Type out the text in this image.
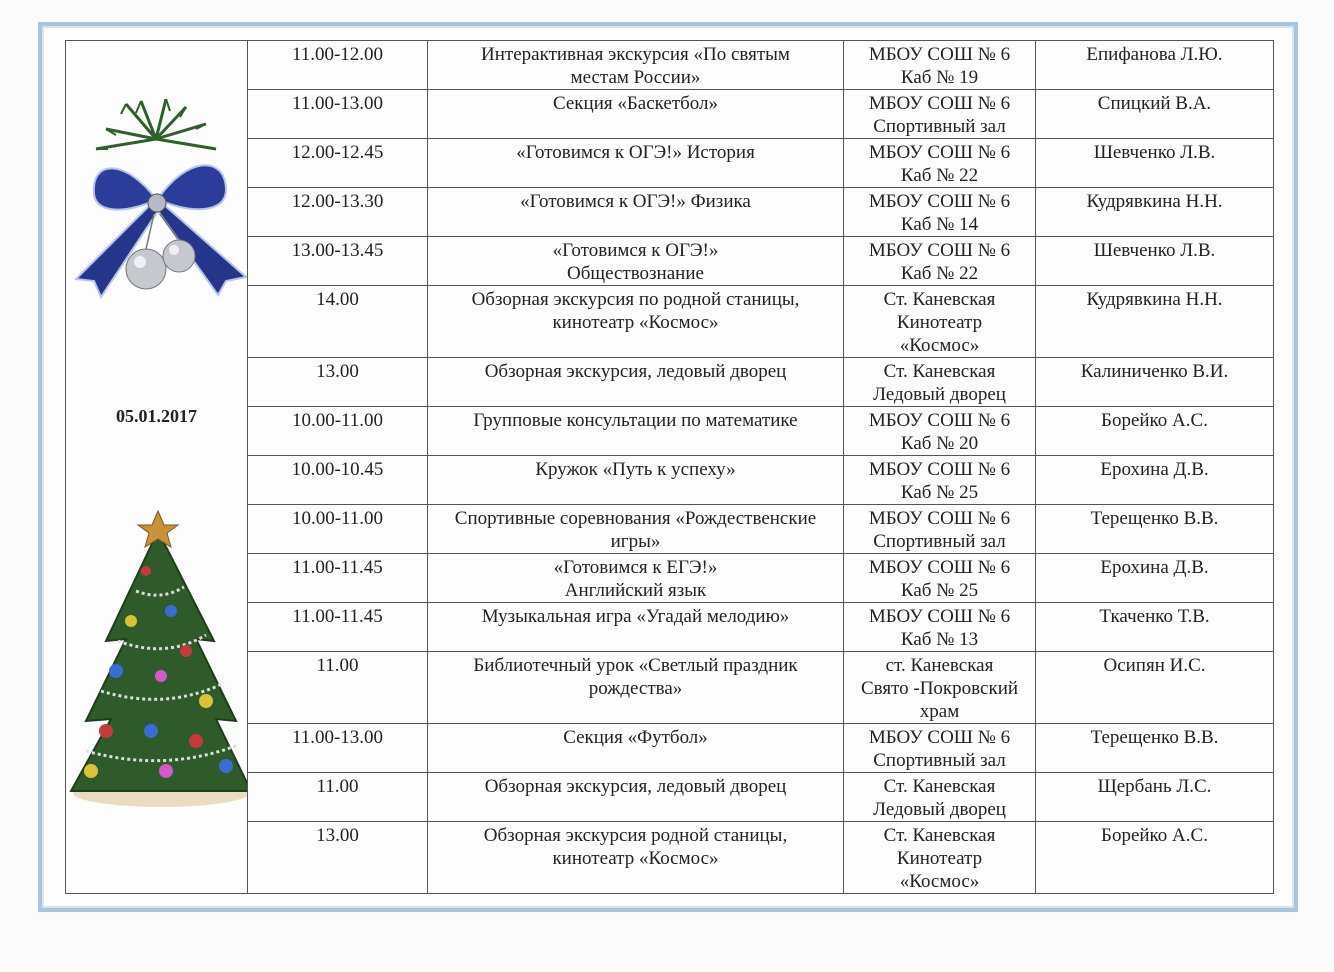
05.01.2017	11.00-12.00	Интерактивная экскурсия «По святым
местам России»	МБОУ СОШ № 6
Каб № 19	Епифанова Л.Ю.
	11.00-13.00	Секция «Баскетбол»	МБОУ СОШ № 6
Спортивный зал	Спицкий В.А.
	12.00-12.45	«Готовимся к ОГЭ!» История	МБОУ СОШ № 6
Каб № 22	Шевченко Л.В.
	12.00-13.30	«Готовимся к ОГЭ!» Физика	МБОУ СОШ № 6
Каб № 14	Кудрявкина Н.Н.
	13.00-13.45	«Готовимся к ОГЭ!»
Обществознание	МБОУ СОШ № 6
Каб № 22	Шевченко Л.В.
	14.00	Обзорная экскурсия по родной станицы,
кинотеатр «Космос»	Ст. Каневская
Кинотеатр
«Космос»	Кудрявкина Н.Н.
	13.00	Обзорная экскурсия, ледовый дворец	Ст. Каневская
Ледовый дворец	Калиниченко В.И.
	10.00-11.00	Групповые консультации по математике	МБОУ СОШ № 6
Каб № 20	Борейко А.С.
	10.00-10.45	Кружок «Путь к успеху»	МБОУ СОШ № 6
Каб № 25	Ерохина Д.В.
	10.00-11.00	Спортивные соревнования «Рождественские
игры»	МБОУ СОШ № 6
Спортивный зал	Терещенко В.В.
	11.00-11.45	«Готовимся к ЕГЭ!»
Английский язык	МБОУ СОШ № 6
Каб № 25	Ерохина Д.В.
	11.00-11.45	Музыкальная игра «Угадай мелодию»	МБОУ СОШ № 6
Каб № 13	Ткаченко Т.В.
	11.00	Библиотечный урок «Светлый праздник
рождества»	ст. Каневская
Свято -Покровский
храм	Осипян И.С.
	11.00-13.00	Секция «Футбол»	МБОУ СОШ № 6
Спортивный зал	Терещенко В.В.
	11.00	Обзорная экскурсия, ледовый дворец	Ст. Каневская
Ледовый дворец	Щербань Л.С.
	13.00	Обзорная экскурсия родной станицы,
кинотеатр «Космос»	Ст. Каневская
Кинотеатр
«Космос»	Борейко А.С.
